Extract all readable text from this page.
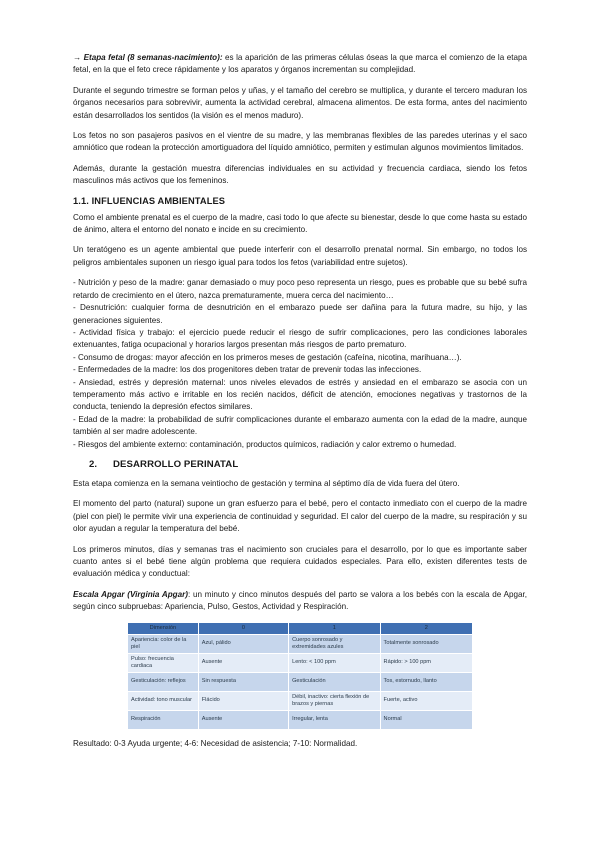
→ Etapa fetal (8 semanas-nacimiento): es la aparición de las primeras células óseas la que marca el comienzo de la etapa fetal, en la que el feto crece rápidamente y los aparatos y órganos incrementan su complejidad.

Durante el segundo trimestre se forman pelos y uñas, y el tamaño del cerebro se multiplica, y durante el tercero maduran los órganos necesarios para sobrevivir, aumenta la actividad cerebral, almacena alimentos. De esta forma, antes del nacimiento están desarrollados los sentidos (la visión es el menos maduro).

Los fetos no son pasajeros pasivos en el vientre de su madre, y las membranas flexibles de las paredes uterinas y el saco amniótico que rodean la protección amortiguadora del líquido amniótico, permiten y estimulan algunos movimientos limitados.

Además, durante la gestación muestra diferencias individuales en su actividad y frecuencia cardiaca, siendo los fetos masculinos más activos que los femeninos.

1.1. INFLUENCIAS AMBIENTALES

Como el ambiente prenatal es el cuerpo de la madre, casi todo lo que afecte su bienestar, desde lo que come hasta su estado de ánimo, altera el entorno del nonato e incide en su crecimiento.

Un teratógeno es un agente ambiental que puede interferir con el desarrollo prenatal normal. Sin embargo, no todos los peligros ambientales suponen un riesgo igual para todos los fetos (variabilidad entre sujetos).

- Nutrición y peso de la madre: ganar demasiado o muy poco peso representa un riesgo, pues es probable que su bebé sufra retardo de crecimiento en el útero, nazca prematuramente, muera cerca del nacimiento…
- Desnutrición: cualquier forma de desnutrición en el embarazo puede ser dañina para la futura madre, su hijo, y las generaciones siguientes.
- Actividad física y trabajo: el ejercicio puede reducir el riesgo de sufrir complicaciones, pero las condiciones laborales extenuantes, fatiga ocupacional y horarios largos presentan más riesgos de parto prematuro.
- Consumo de drogas: mayor afección en los primeros meses de gestación (cafeína, nicotina, marihuana…).
- Enfermedades de la madre: los dos progenitores deben tratar de prevenir todas las infecciones.
- Ansiedad, estrés y depresión maternal: unos niveles elevados de estrés y ansiedad en el embarazo se asocia con un temperamento más activo e irritable en los recién nacidos, déficit de atención, emociones negativas y trastornos de la conducta, teniendo la depresión efectos similares.
- Edad de la madre: la probabilidad de sufrir complicaciones durante el embarazo aumenta con la edad de la madre, aunque también al ser madre adolescente.
- Riesgos del ambiente externo: contaminación, productos químicos, radiación y calor extremo o humedad.
2. DESARROLLO PERINATAL

Esta etapa comienza en la semana veintiocho de gestación y termina al séptimo día de vida fuera del útero.

El momento del parto (natural) supone un gran esfuerzo para el bebé, pero el contacto inmediato con el cuerpo de la madre (piel con piel) le permite vivir una experiencia de continuidad y seguridad. El calor del cuerpo de la madre, su respiración y su olor ayudan a regular la temperatura del bebé.

Los primeros minutos, días y semanas tras el nacimiento son cruciales para el desarrollo, por lo que es importante saber cuanto antes si el bebé tiene algún problema que requiera cuidados especiales. Para ello, existen diferentes tests de evaluación médica y conductual:

Escala Apgar (Virginia Apgar): un minuto y cinco minutos después del parto se valora a los bebés con la escala de Apgar, según cinco subpruebas: Apariencia, Pulso, Gestos, Actividad y Respiración.

Dimensión	0	1	2
Apariencia: color de la piel	Azul, pálido	Cuerpo sonrosado y extremidades azules	Totalmente sonrosado
Pulso: frecuencia cardiaca	Ausente	Lento: < 100 ppm	Rápido: > 100 ppm
Gesticulación: reflejos	Sin respuesta	Gesticulación	Tos, estornudo, llanto
Actividad: tono muscular	Flácido	Débil, inactivo: cierta flexión de brazos y piernas	Fuerte, activo
Respiración	Ausente	Irregular, lenta	Normal
Resultado: 0-3 Ayuda urgente; 4-6: Necesidad de asistencia; 7-10: Normalidad.
